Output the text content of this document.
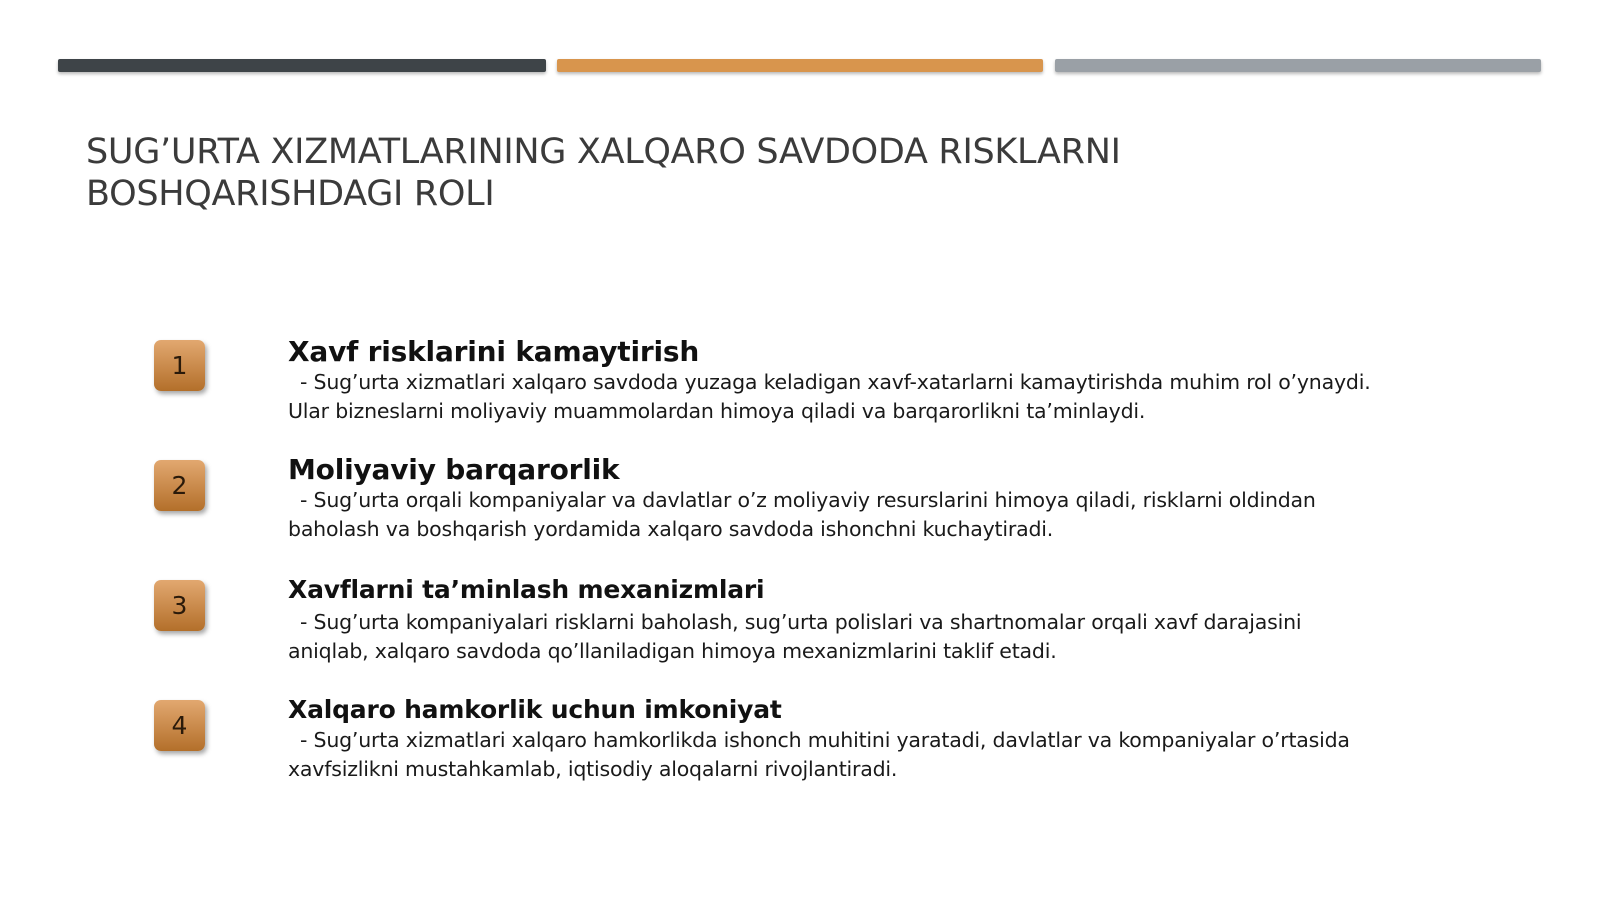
SUG’URTA XIZMATLARINING XALQARO SAVDODA RISKLARNI
BOSHQARISHDAGI ROLI
1	Xavf risklarini kamaytirish
- Sug’urta xizmatlari xalqaro savdoda yuzaga keladigan xavf-xatarlarni kamaytirishda muhim rol o’ynaydi.
Ular bizneslarni moliyaviy muammolardan himoya qiladi va barqarorlikni ta’minlaydi.
2	Moliyaviy barqarorlik
- Sug’urta orqali kompaniyalar va davlatlar o’z moliyaviy resurslarini himoya qiladi, risklarni oldindan
baholash va boshqarish yordamida xalqaro savdoda ishonchni kuchaytiradi.
3
Xavflarni ta’minlash mexanizmlari
- Sug’urta kompaniyalari risklarni baholash, sug’urta polislari va shartnomalar orqali xavf darajasini
aniqlab, xalqaro savdoda qo’llaniladigan himoya mexanizmlarini taklif etadi.
4
Xalqaro hamkorlik uchun imkoniyat
- Sug’urta xizmatlari xalqaro hamkorlikda ishonch muhitini yaratadi, davlatlar va kompaniyalar o’rtasida
xavfsizlikni mustahkamlab, iqtisodiy aloqalarni rivojlantiradi.
